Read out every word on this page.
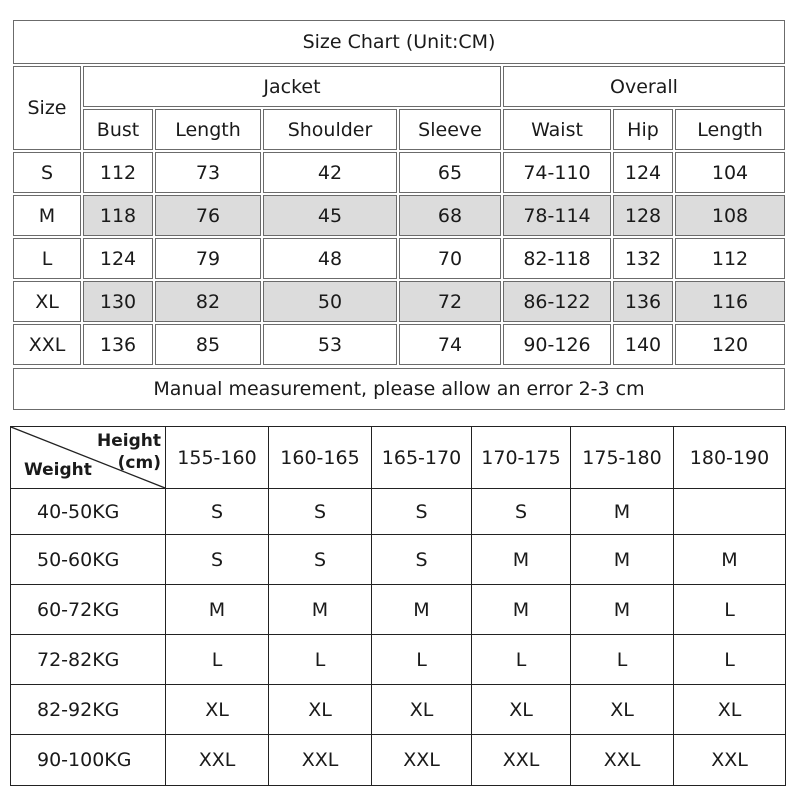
Size Chart (Unit:CM)
Size
Jacket	Overall
Manual measurement, please allow an error 2-3 cm
Bust	Length	Shoulder	Sleeve	Waist	Hip	Length
S	112	73	42	65	74-110	124	104
M	118	76	45	68	78-114	128	108
L	124	79	48	70	82-118	132	112
XL	130	82	50	72	86-122	136	116
XXL	136	85	53	74	90-126	140	120
Height
(cm)
Weight	155-160	160-165	165-170	170-175	175-180	180-190
40-50KG	S	S	S	S	M	
50-60KG	S	S	S	M	M	M
60-72KG	M	M	M	M	M	L
72-82KG	L	L	L	L	L	L
82-92KG	XL	XL	XL	XL	XL	XL
90-100KG	XXL	XXL	XXL	XXL	XXL	XXL
